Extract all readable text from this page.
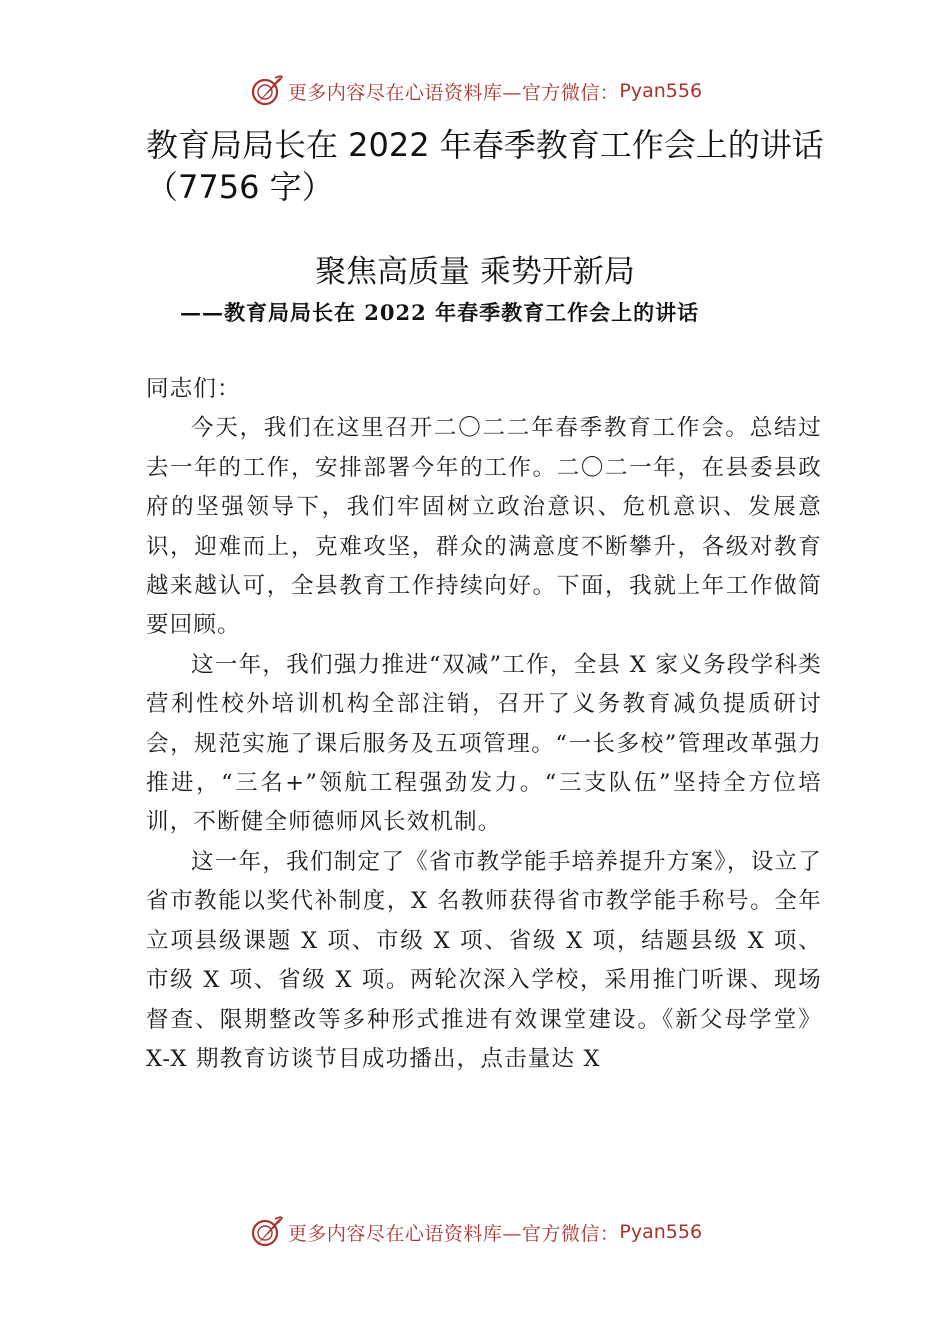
更多内容尽在心语资料库—官方微信： Pyan556
教育局局长在 2022 年春季教育工作会上的讲话（7756 字）
聚焦高质量 乘势开新局
——教育局局长在 2022 年春季教育工作会上的讲话

同志们：

今天，我们在这里召开二〇二二年春季教育工作会。总结过去一年的工作，安排部署今年的工作。二〇二一年，在县委县政府的坚强领导下，我们牢固树立政治意识、危机意识、发展意识，迎难而上，克难攻坚，群众的满意度不断攀升，各级对教育越来越认可，全县教育工作持续向好。下面，我就上年工作做简要回顾。

这一年，我们强力推进“双减”工作，全县 X 家义务段学科类营利性校外培训机构全部注销，召开了义务教育减负提质研讨会，规范实施了课后服务及五项管理。“一长多校”管理改革强力推进，“三名+”领航工程强劲发力。“三支队伍”坚持全方位培训，不断健全师德师风长效机制。

这一年，我们制定了《省市教学能手培养提升方案》，设立了省市教能以奖代补制度，X 名教师获得省市教学能手称号。全年立项县级课题 X 项、市级 X 项、省级 X 项，结题县级 X 项、市级 X 项、省级 X 项。两轮次深入学校，采用推门听课、现场督查、限期整改等多种形式推进有效课堂建设。《新父母学堂》X-X 期教育访谈节目成功播出，点击量达 X

更多内容尽在心语资料库—官方微信： Pyan556
